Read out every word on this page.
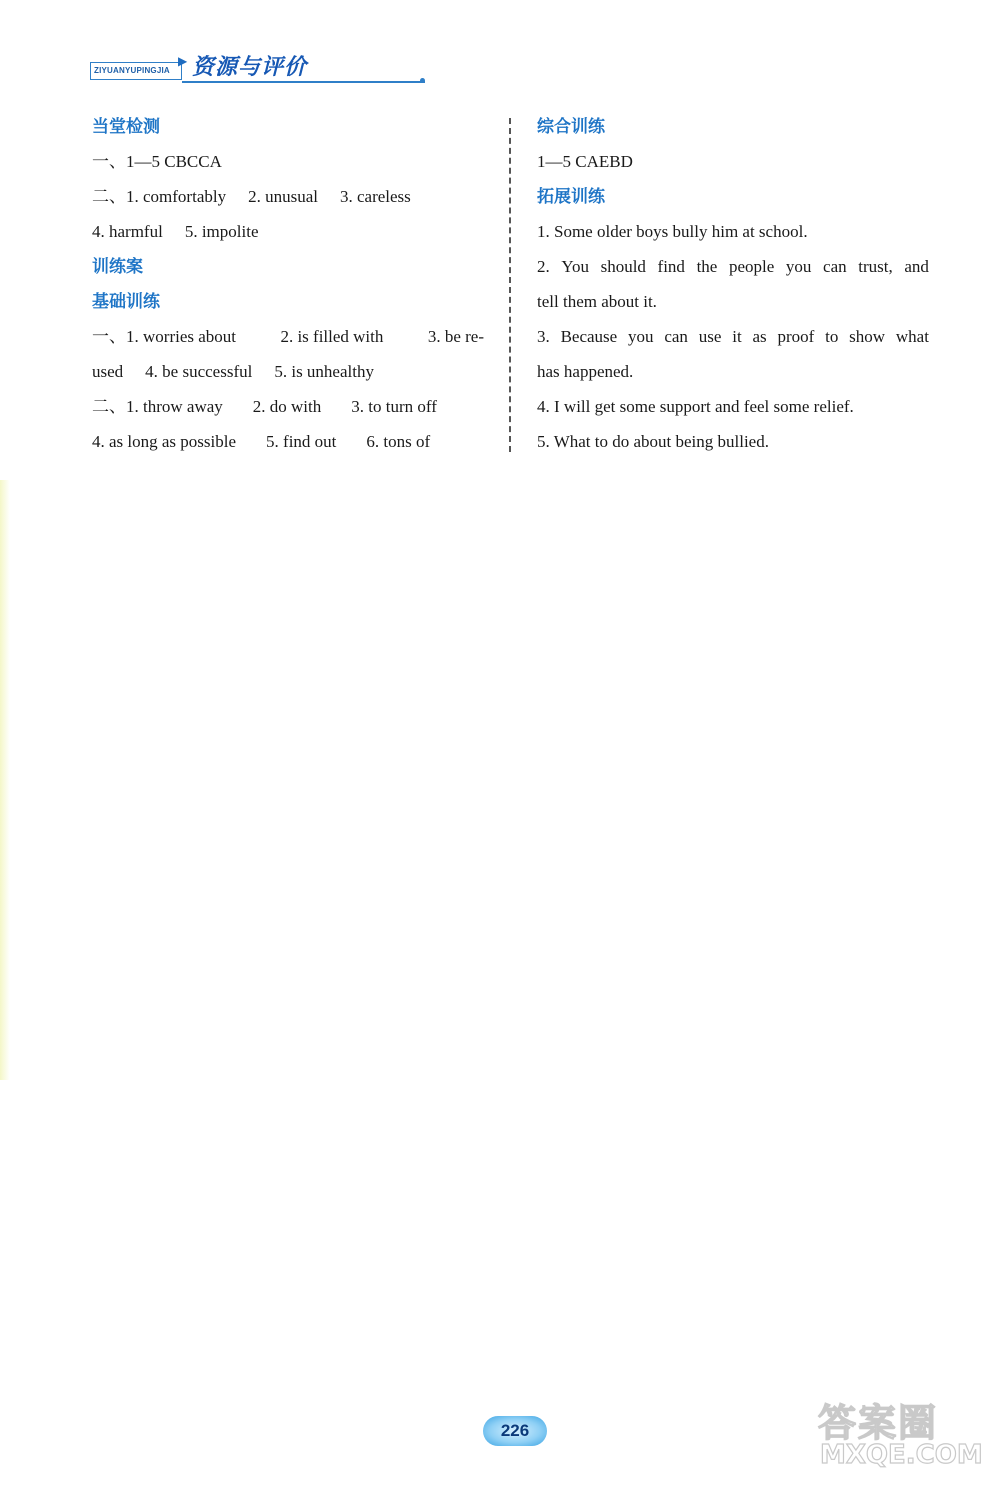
ZIYUANYUPINGJIA
▶ 资源与评价
当堂检测
一、1—5 CBCCA
二、1. comfortably 2. unusual 3. careless
4. harmful 5. impolite
训练案
基础训练
一、1. worries about	2. is filled with	3. be re-
used 4. be successful 5. is unhealthy
二、1. throw away 2. do with 3. to turn off
4. as long as possible 5. find out 6. tons of
综合训练
1—5 CAEBD
拓展训练
1. Some older boys bully him at school.
2. You should find the people you can trust, and
tell them about it.
3. Because you can use it as proof to show what
has happened.
4. I will get some support and feel some relief.
5. What to do about being bullied.
226	答案圈
MXQE.COM
